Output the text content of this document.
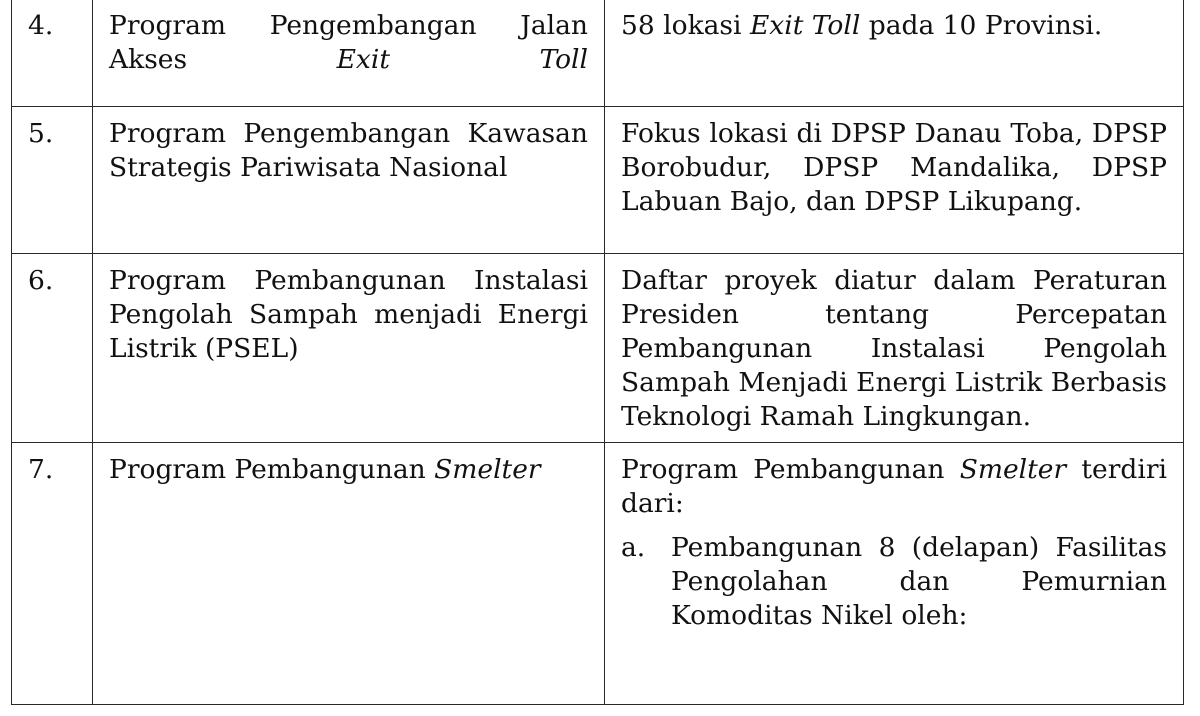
4.	Program Pengembangan Jalan Akses Exit Toll	58 lokasi Exit Toll pada 10 Provinsi.
5.	Program Pengembangan Kawasan Strategis Pariwisata Nasional	Fokus lokasi di DPSP Danau Toba, DPSP Borobudur, DPSP Mandalika, DPSP Labuan Bajo, dan DPSP Likupang.
6.	Program Pembangunan Instalasi Pengolah Sampah menjadi Energi Listrik (PSEL)	Daftar proyek diatur dalam Peraturan Presiden tentang Percepatan Pembangunan Instalasi Pengolah Sampah Menjadi Energi Listrik Berbasis Teknologi Ramah Lingkungan.
7.	Program Pembangunan Smelter	Program Pembangunan Smelter terdiri dari:
a. Pembangunan 8 (delapan) Fasilitas Pengolahan dan Pemurnian Komoditas Nikel oleh:
